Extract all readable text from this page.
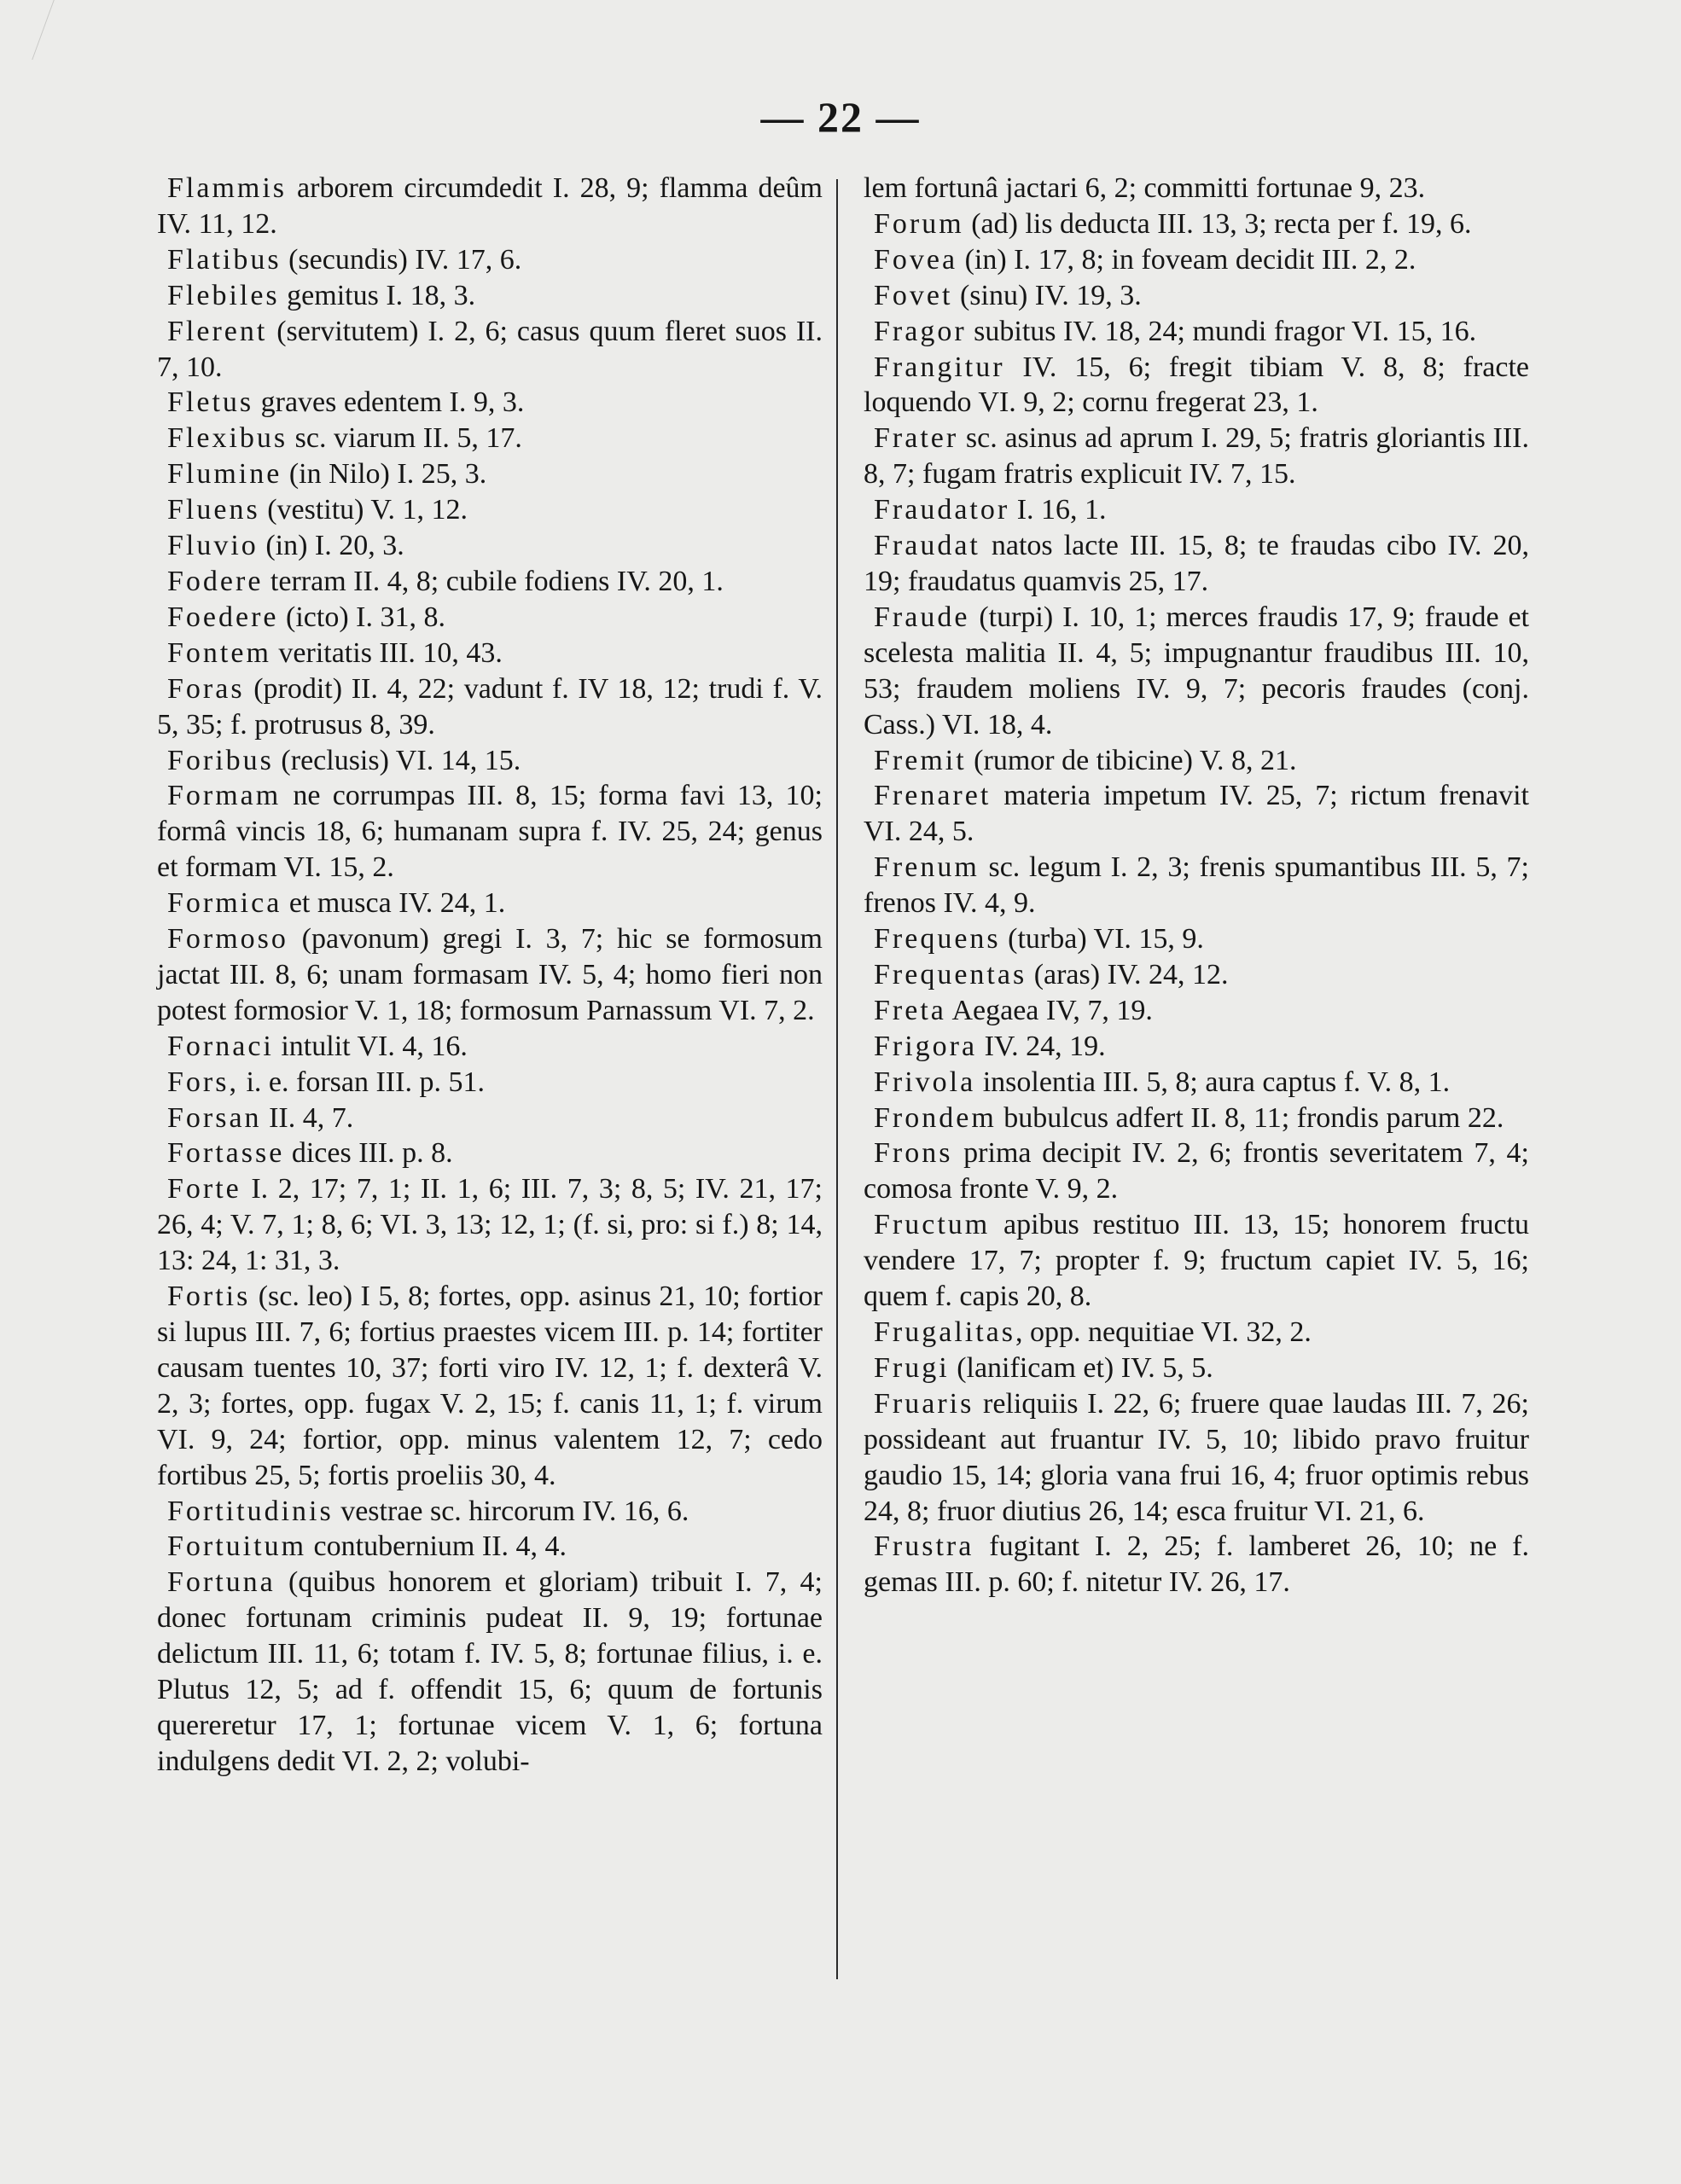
— 22 —

Flammis arborem circumdedit I. 28, 9; flamma deûm IV. 11, 12.

Flatibus (secundis) IV. 17, 6.

Flebiles gemitus I. 18, 3.

Flerent (servitutem) I. 2, 6; casus quum fleret suos II. 7, 10.

Fletus graves edentem I. 9, 3.

Flexibus sc. viarum II. 5, 17.

Flumine (in Nilo) I. 25, 3.

Fluens (vestitu) V. 1, 12.

Fluvio (in) I. 20, 3.

Fodere terram II. 4, 8; cubile fodiens IV. 20, 1.

Foedere (icto) I. 31, 8.

Fontem veritatis III. 10, 43.

Foras (prodit) II. 4, 22; vadunt f. IV 18, 12; trudi f. V. 5, 35; f. protrusus 8, 39.

Foribus (reclusis) VI. 14, 15.

Formam ne corrumpas III. 8, 15; forma favi 13, 10; formâ vincis 18, 6; humanam supra f. IV. 25, 24; genus et formam VI. 15, 2.

Formica et musca IV. 24, 1.

Formoso (pavonum) gregi I. 3, 7; hic se formosum jactat III. 8, 6; unam formasam IV. 5, 4; homo fieri non potest formosior V. 1, 18; formosum Parnassum VI. 7, 2.

Fornaci intulit VI. 4, 16.

Fors, i. e. forsan III. p. 51.

Forsan II. 4, 7.

Fortasse dices III. p. 8.

Forte I. 2, 17; 7, 1; II. 1, 6; III. 7, 3; 8, 5; IV. 21, 17; 26, 4; V. 7, 1; 8, 6; VI. 3, 13; 12, 1; (f. si, pro: si f.) 8; 14, 13: 24, 1: 31, 3.

Fortis (sc. leo) I 5, 8; fortes, opp. asinus 21, 10; fortior si lupus III. 7, 6; fortius praestes vicem III. p. 14; fortiter causam tuentes 10, 37; forti viro IV. 12, 1; f. dexterâ V. 2, 3; fortes, opp. fugax V. 2, 15; f. canis 11, 1; f. virum VI. 9, 24; fortior, opp. minus valentem 12, 7; cedo fortibus 25, 5; fortis proeliis 30, 4.

Fortitudinis vestrae sc. hircorum IV. 16, 6.

Fortuitum contubernium II. 4, 4.

Fortuna (quibus honorem et gloriam) tribuit I. 7, 4; donec fortunam criminis pudeat II. 9, 19; fortunae delictum III. 11, 6; totam f. IV. 5, 8; fortunae filius, i. e. Plutus 12, 5; ad f. offendit 15, 6; quum de fortunis quereretur 17, 1; fortunae vicem V. 1, 6; fortuna indulgens dedit VI. 2, 2; volubi-

lem fortunâ jactari 6, 2; committi fortunae 9, 23.

Forum (ad) lis deducta III. 13, 3; recta per f. 19, 6.

Fovea (in) I. 17, 8; in foveam decidit III. 2, 2.

Fovet (sinu) IV. 19, 3.

Fragor subitus IV. 18, 24; mundi fragor VI. 15, 16.

Frangitur IV. 15, 6; fregit tibiam V. 8, 8; fracte loquendo VI. 9, 2; cornu fregerat 23, 1.

Frater sc. asinus ad aprum I. 29, 5; fratris gloriantis III. 8, 7; fugam fratris explicuit IV. 7, 15.

Fraudator I. 16, 1.

Fraudat natos lacte III. 15, 8; te fraudas cibo IV. 20, 19; fraudatus quamvis 25, 17.

Fraude (turpi) I. 10, 1; merces fraudis 17, 9; fraude et scelesta malitia II. 4, 5; impugnantur fraudibus III. 10, 53; fraudem moliens IV. 9, 7; pecoris fraudes (conj. Cass.) VI. 18, 4.

Fremit (rumor de tibicine) V. 8, 21.

Frenaret materia impetum IV. 25, 7; rictum frenavit VI. 24, 5.

Frenum sc. legum I. 2, 3; frenis spumantibus III. 5, 7; frenos IV. 4, 9.

Frequens (turba) VI. 15, 9.

Frequentas (aras) IV. 24, 12.

Freta Aegaea IV, 7, 19.

Frigora IV. 24, 19.

Frivola insolentia III. 5, 8; aura captus f. V. 8, 1.

Frondem bubulcus adfert II. 8, 11; frondis parum 22.

Frons prima decipit IV. 2, 6; frontis severitatem 7, 4; comosa fronte V. 9, 2.

Fructum apibus restituo III. 13, 15; honorem fructu vendere 17, 7; propter f. 9; fructum capiet IV. 5, 16; quem f. capis 20, 8.

Frugalitas, opp. nequitiae VI. 32, 2.

Frugi (lanificam et) IV. 5, 5.

Fruaris reliquiis I. 22, 6; fruere quae laudas III. 7, 26; possideant aut fruantur IV. 5, 10; libido pravo fruitur gaudio 15, 14; gloria vana frui 16, 4; fruor optimis rebus 24, 8; fruor diutius 26, 14; esca fruitur VI. 21, 6.

Frustra fugitant I. 2, 25; f. lamberet 26, 10; ne f. gemas III. p. 60; f. nitetur IV. 26, 17.
